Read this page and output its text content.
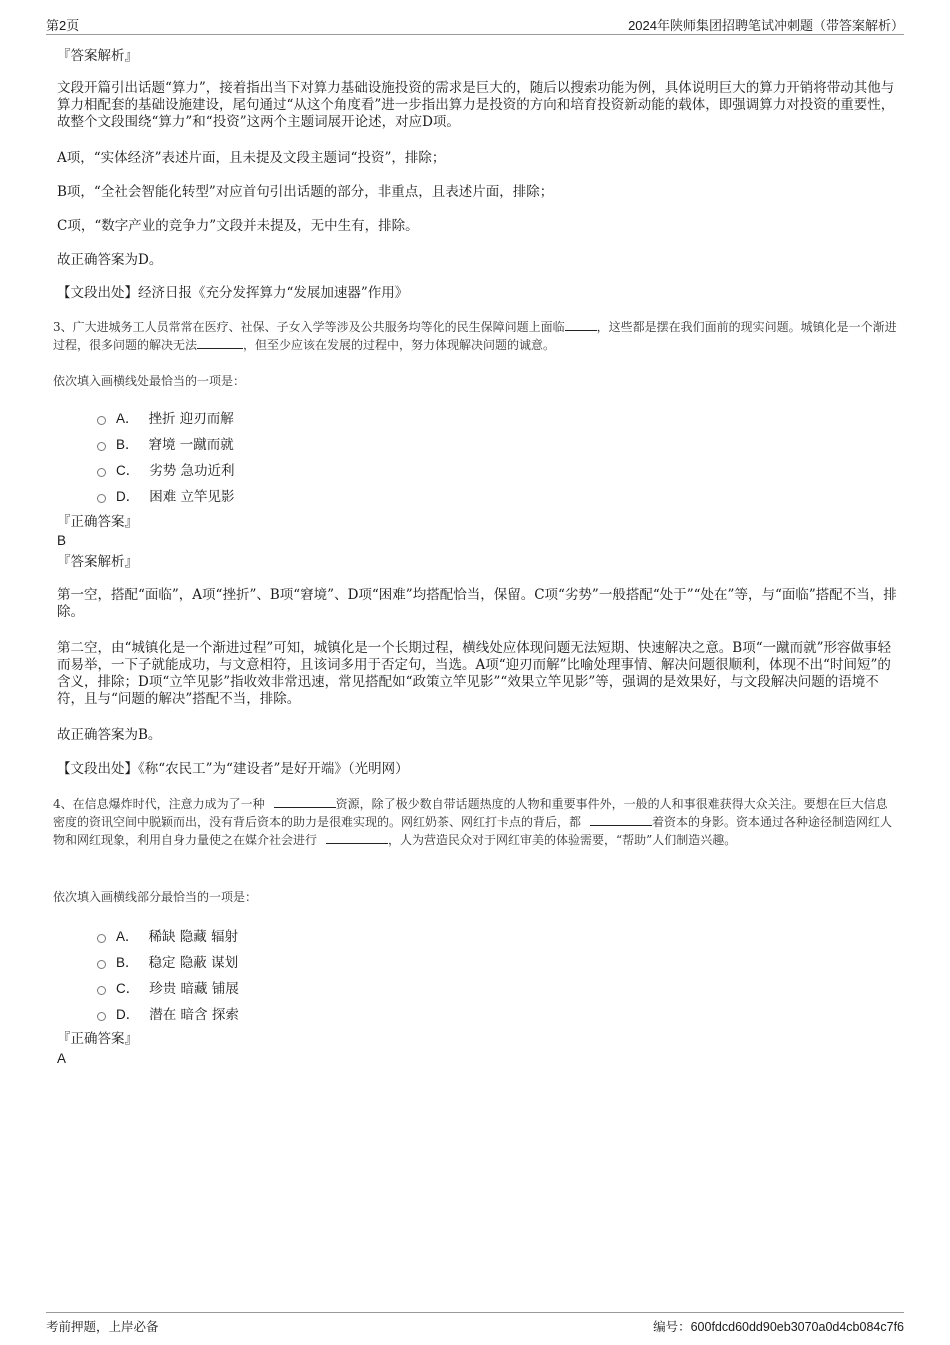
第2页	2024年陕师集团招聘笔试冲刺题（带答案解析）
『答案解析』
文段开篇引出话题“算力”，接着指出当下对算力基础设施投资的需求是巨大的，随后以搜索功能为例，具体说明巨大的算力开销将带动其他与算力相配套的基础设施建设，尾句通过“从这个角度看”进一步指出算力是投资的方向和培育投资新动能的载体，即强调算力对投资的重要性，故整个文段围绕“算力”和“投资”这两个主题词展开论述，对应D项。
A项，“实体经济”表述片面，且未提及文段主题词“投资”，排除；
B项，“全社会智能化转型”对应首句引出话题的部分，非重点，且表述片面，排除；
C项，“数字产业的竞争力”文段并未提及，无中生有，排除。
故正确答案为D。
【文段出处】经济日报《充分发挥算力“发展加速器”作用》
3、广大进城务工人员常常在医疗、社保、子女入学等涉及公共服务均等化的民生保障问题上面临	，这些都是摆在我们面前的现实问题。城镇化是一个渐进过程，很多问题的解决无法	，但至少应该在发展的过程中，努力体现解决问题的诚意。
依次填入画横线处最恰当的一项是：
A． 挫折 迎刃而解
B． 窘境 一蹴而就
C． 劣势 急功近利
D． 困难 立竿见影
『正确答案』
B
『答案解析』
第一空，搭配“面临”，A项“挫折”、B项“窘境”、D项“困难”均搭配恰当，保留。C项“劣势”一般搭配“处于”“处在”等，与“面临”搭配不当，排除。
第二空，由“城镇化是一个渐进过程”可知，城镇化是一个长期过程，横线处应体现问题无法短期、快速解决之意。B项“一蹴而就”形容做事轻而易举，一下子就能成功，与文意相符，且该词多用于否定句，当选。A项“迎刃而解”比喻处理事情、解决问题很顺利，体现不出“时间短”的含义，排除；D项“立竿见影”指收效非常迅速，常见搭配如“政策立竿见影”“效果立竿见影”等，强调的是效果好，与文段解决问题的语境不符，且与“问题的解决”搭配不当，排除。
故正确答案为B。
【文段出处】《称“农民工”为“建设者”是好开端》（光明网）
4、在信息爆炸时代，注意力成为了一种	资源，除了极少数自带话题热度的人物和重要事件外，一般的人和事很难获得大众关注。要想在巨大信息密度的资讯空间中脱颖而出，没有背后资本的助力是很难实现的。网红奶茶、网红打卡点的背后，都	着资本的身影。资本通过各种途径制造网红人物和网红现象，利用自身力量使之在媒介社会进行	，人为营造民众对于网红审美的体验需要，“帮助”人们制造兴趣。
依次填入画横线部分最恰当的一项是：
A． 稀缺 隐藏 辐射
B． 稳定 隐蔽 谋划
C． 珍贵 暗藏 铺展
D． 潜在 暗含 探索
『正确答案』
A
考前押题，上岸必备	编号：600fdcd60dd90eb3070a0d4cb084c7f6
